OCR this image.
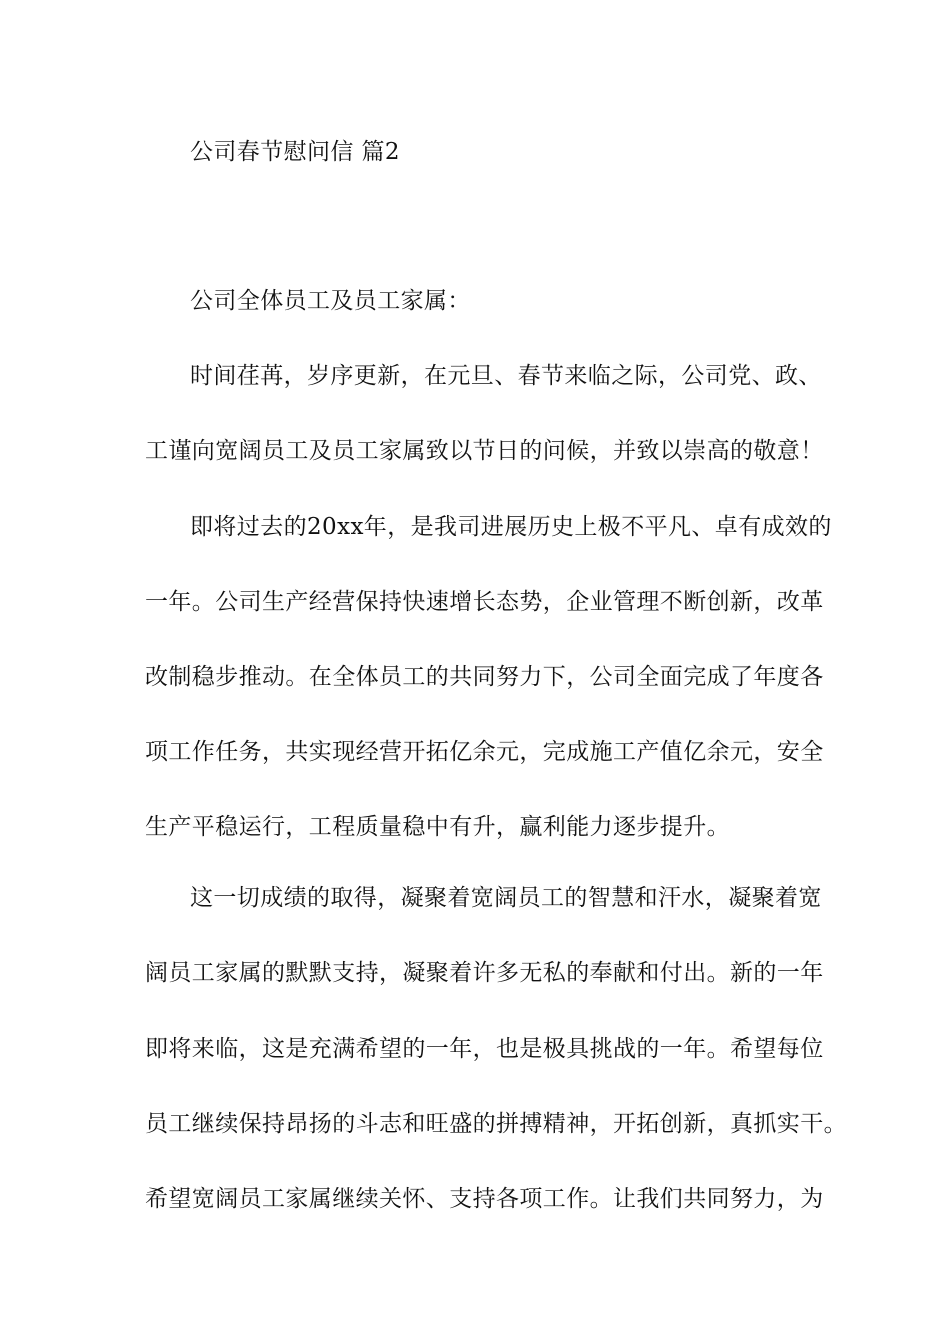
公司春节慰问信 篇2
公司全体员工及员工家属：
时间荏苒，岁序更新，在元旦、春节来临之际，公司党、政、
工谨向宽阔员工及员工家属致以节日的问候，并致以崇高的敬意！
即将过去的20xx年，是我司进展历史上极不平凡、卓有成效的
一年。公司生产经营保持快速增长态势，企业管理不断创新，改革
改制稳步推动。在全体员工的共同努力下，公司全面完成了年度各
项工作任务，共实现经营开拓亿余元，完成施工产值亿余元，安全
生产平稳运行，工程质量稳中有升，赢利能力逐步提升。
这一切成绩的取得，凝聚着宽阔员工的智慧和汗水，凝聚着宽
阔员工家属的默默支持，凝聚着许多无私的奉献和付出。新的一年
即将来临，这是充满希望的一年，也是极具挑战的一年。希望每位
员工继续保持昂扬的斗志和旺盛的拼搏精神，开拓创新，真抓实干。
希望宽阔员工家属继续关怀、支持各项工作。让我们共同努力，为
